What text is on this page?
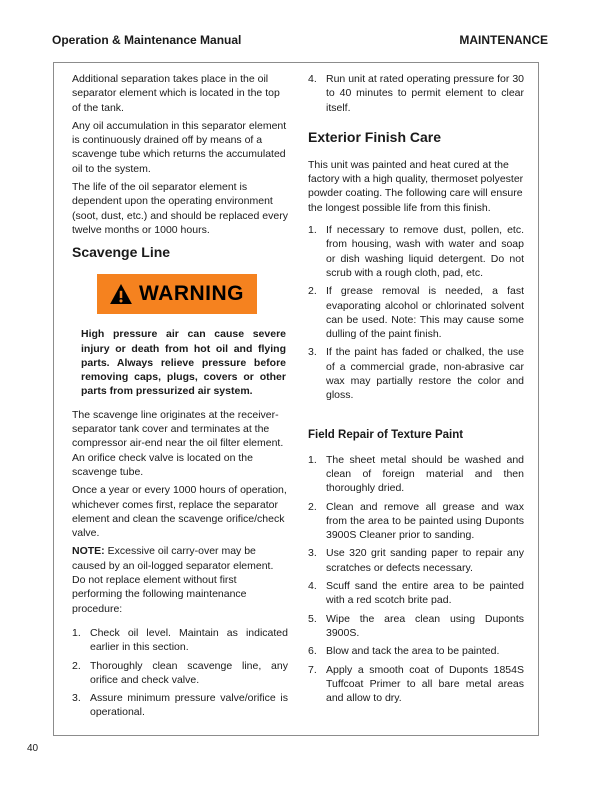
Operation & Maintenance Manual	MAINTENANCE

Additional separation takes place in the oil separator element which is located in the top of the tank.

Any oil accumulation in this separator element is continuously drained off by means of a scavenge tube which returns the accumulated oil to the system.

The life of the oil separator element is dependent upon the operating environment (soot, dust, etc.) and should be replaced every twelve months or 1000 hours.

Scavenge Line
WARNING

High pressure air can cause severe injury or death from hot oil and flying parts. Always relieve pressure before removing caps, plugs, covers or other parts from pressurized air system.

The scavenge line originates at the receiver-separator tank cover and terminates at the compressor air-end near the oil filter element. An orifice check valve is located on the scavenge tube.

Once a year or every 1000 hours of operation, whichever comes first, replace the separator element and clean the scavenge orifice/check valve.

NOTE: Excessive oil carry-over may be caused by an oil-logged separator element. Do not replace element without first performing the following maintenance procedure:

1. Check oil level. Maintain as indicated earlier in this section.
2. Thoroughly clean scavenge line, any orifice and check valve.
3. Assure minimum pressure valve/orifice is operational.
4. Run unit at rated operating pressure for 30 to 40 minutes to permit element to clear itself.
Exterior Finish Care

This unit was painted and heat cured at the factory with a high quality, thermoset polyester powder coating. The following care will ensure the longest possible life from this finish.

1. If necessary to remove dust, pollen, etc. from housing, wash with water and soap or dish washing liquid detergent. Do not scrub with a rough cloth, pad, etc.
2. If grease removal is needed, a fast evaporating alcohol or chlorinated solvent can be used. Note: This may cause some dulling of the paint finish.
3. If the paint has faded or chalked, the use of a commercial grade, non-abrasive car wax may partially restore the color and gloss.
Field Repair of Texture Paint
1. The sheet metal should be washed and clean of foreign material and then thoroughly dried.
2. Clean and remove all grease and wax from the area to be painted using Duponts 3900S Cleaner prior to sanding.
3. Use 320 grit sanding paper to repair any scratches or defects necessary.
4. Scuff sand the entire area to be painted with a red scotch brite pad.
5. Wipe the area clean using Duponts 3900S.
6. Blow and tack the area to be painted.
7. Apply a smooth coat of Duponts 1854S Tuffcoat Primer to all bare metal areas and allow to dry.
40
